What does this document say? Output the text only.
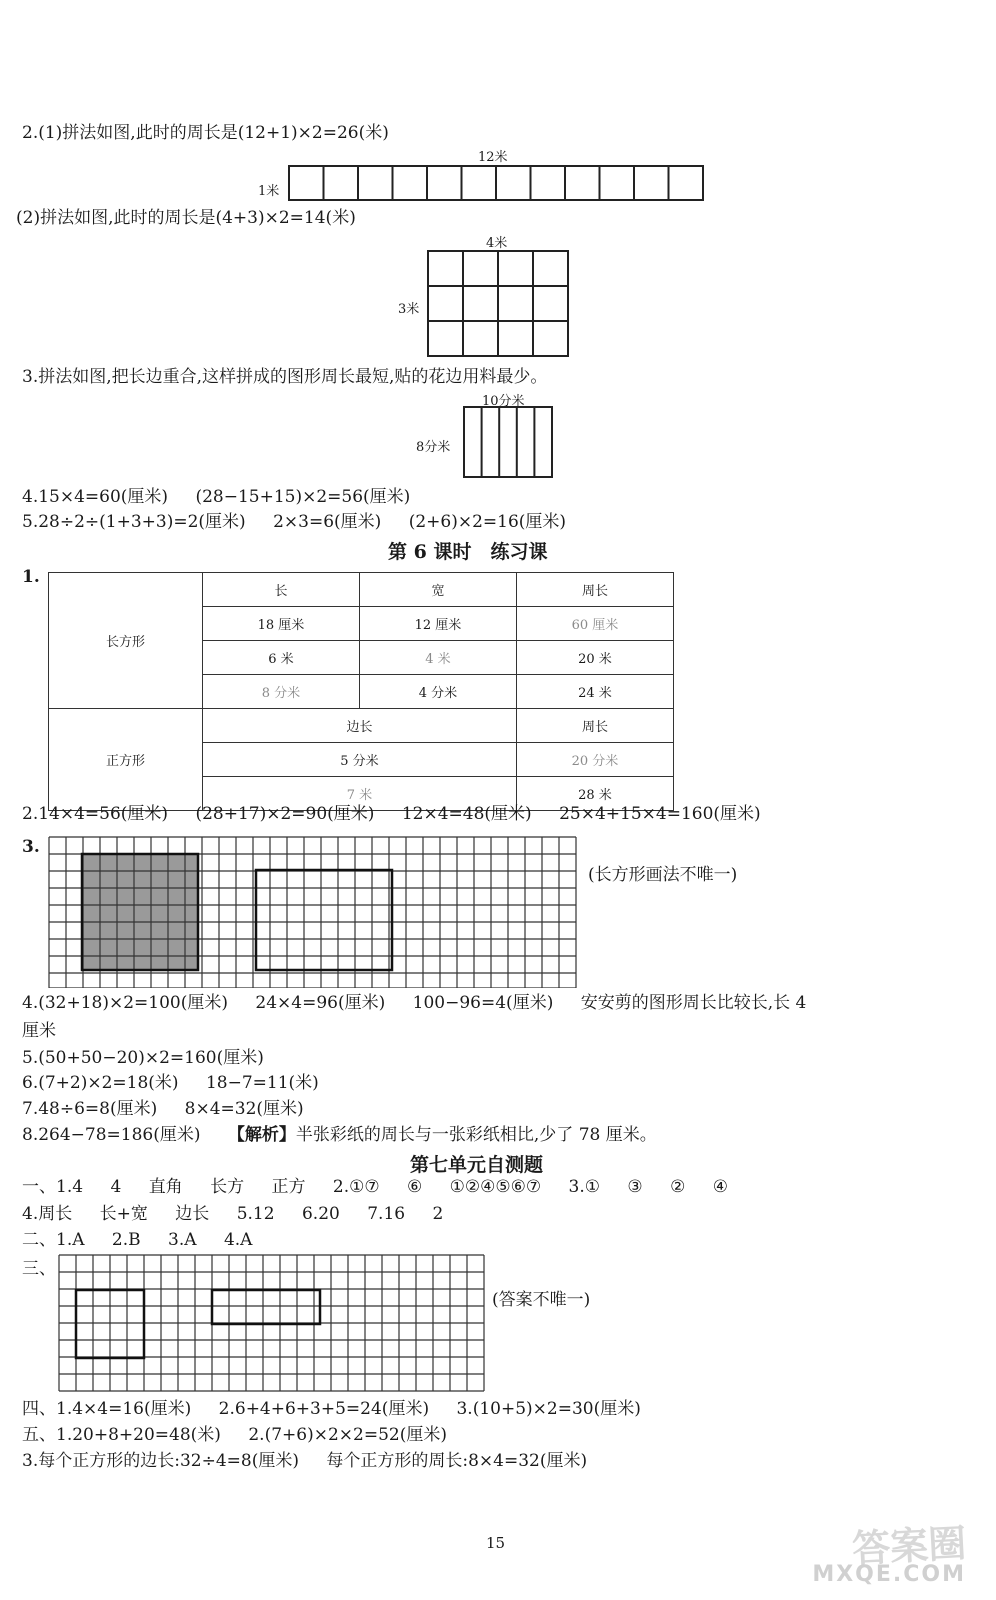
2.(1)拼法如图,此时的周长是(12+1)×2=26(米)
12米
1米
(2)拼法如图,此时的周长是(4+3)×2=14(米)
4米
3米
3.拼法如图,把长边重合,这样拼成的图形周长最短,贴的花边用料最少。
10分米
8分米
4.15×4=60(厘米) (28−15+15)×2=56(厘米)
5.28÷2÷(1+3+3)=2(厘米) 2×3=6(厘米) (2+6)×2=16(厘米)
第 6 课时　练习课
1.
长方形	长	宽	周长
	18 厘米	12 厘米	60 厘米
	6 米	4 米	20 米
	8 分米	4 分米	24 米
正方形	边长		周长
	5 分米		20 分米
	7 米		28 米
2.14×4=56(厘米) (28+17)×2=90(厘米) 12×4=48(厘米) 25×4+15×4=160(厘米)
3.
(长方形画法不唯一)
4.(32+18)×2=100(厘米) 24×4=96(厘米) 100−96=4(厘米) 安安剪的图形周长比较长,长 4
厘米
5.(50+50−20)×2=160(厘米)
6.(7+2)×2=18(米) 18−7=11(米)
7.48÷6=8(厘米) 8×4=32(厘米)
8.264−78=186(厘米) 【解析】半张彩纸的周长与一张彩纸相比,少了 78 厘米。
第七单元自测题
一、1.4 4 直角 长方 正方 2.①⑦ ⑥ ①②④⑤⑥⑦ 3.① ③ ② ④
4.周长 长+宽 边长 5.12 6.20 7.16 2
二、1.A 2.B 3.A 4.A
三、
(答案不唯一)
四、1.4×4=16(厘米) 2.6+4+6+3+5=24(厘米) 3.(10+5)×2=30(厘米)
五、1.20+8+20=48(米) 2.(7+6)×2×2=52(厘米)
3.每个正方形的边长:32÷4=8(厘米) 每个正方形的周长:8×4=32(厘米)
15	答案圈
MXQE.COM
